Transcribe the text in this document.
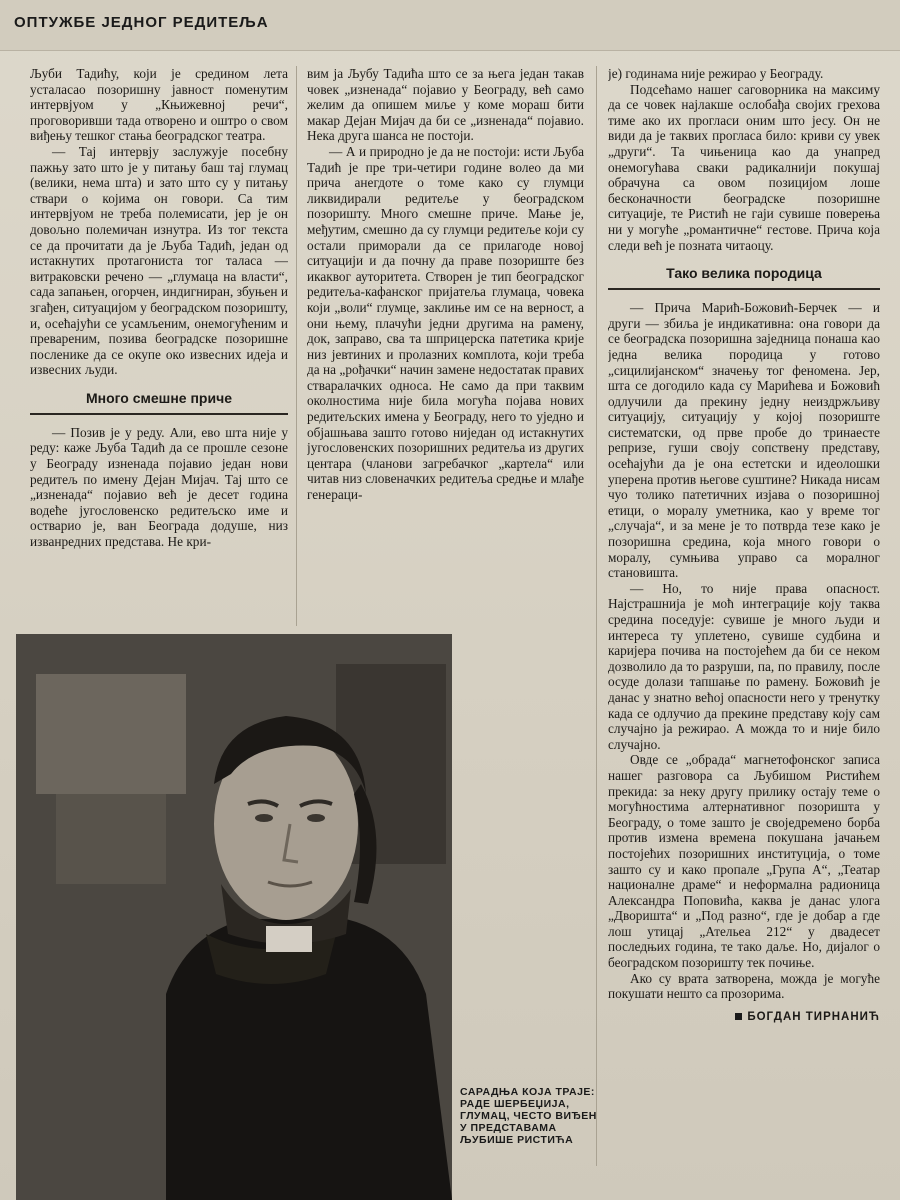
ОПТУЖБЕ ЈЕДНОГ РЕДИТЕЉА

Љуби Тадићу, који је средином лета усталасао позоришну јавност поменутим интервјуом у „Књижевној речи“, проговоривши тада отворено и оштро о свом виђењу тешког стања београдског театра.

— Тај интервју заслужује посебну пажњу зато што је у питању баш тај глумац (велики, нема шта) и зато што су у питању ствари о којима он говори. Са тим интервјуом не треба полемисати, јер је он довољно полемичан изнутра. Из тог текста се да прочитати да је Љуба Тадић, један од истакнутих протагониста тог таласа — витраковски речено — „глумаца на власти“, сада запањен, огорчен, индигниран, збуњен и згађен, ситуацијом у београдском позоришту, и, осећајући се усамљеним, онемогућеним и превареним, позива београдске позоришне посленике да се окупе око извесних идеја и извесних људи.

Много смешне приче

— Позив је у реду. Али, ево шта није у реду: каже Љуба Тадић да се прошле сезоне у Београду изненада појавио један нови редитељ по имену Дејан Мијач. Тај што се „изненада“ појавио већ је десет година водеће југословенско редитељско име и остварио је, ван Београда додуше, низ изванредних представа. Не кри-

вим ја Љубу Тадића што се за њега један такав човек „изненада“ појавио у Београду, већ само желим да опишем миље у коме мораш бити макар Дејан Мијач да би се „изненада“ појавио. Нека друга шанса не постоји.

— А и природно је да не постоји: исти Љуба Тадић је пре три-четири године волео да ми прича анегдоте о томе како су глумци ликвидирали редитеље у београдском позоришту. Много смешне приче. Мање је, међутим, смешно да су глумци редитеље који су остали приморали да се прилагоде новој ситуацији и да почну да праве позориште без икаквог ауторитета. Створен је тип београдског редитеља-кафанског пријатеља глумаца, човека који „воли“ глумце, заклиње им се на верност, а они њему, плачући једни другима на рамену, док, заправо, сва та шприцерска патетика крије низ јевтиних и пролазних комплота, који треба да на „рођачки“ начин замене недостатак правих стваралачких односа. Не само да при таквим околностима није била могућа појава нових редитељских имена у Београду, него то уједно и објашњава зашто готово ниједан од истакнутих југословенских позоришних редитеља из других центара (чланови загребачког „картела“ или читав низ словеначких редитеља средње и млађе генераци-

је) годинама није режирао у Београду.

Подсећамо нашег саговорника на максиму да се човек најлакше ослобађа својих грехова тиме ако их прогласи оним што јесу. Он не види да је таквих прогласа било: криви су увек „други“. Та чињеница као да унапред онемогућава сваки радикалнији покушај обрачуна са овом позицијом лоше бесконачности београдске позоришне ситуације, те Ристић не гаји сувише поверења ни у могуће „романтичне“ гестове. Прича која следи већ је позната читаоцу.

Тако велика породица

— Прича Марић-Божовић-Берчек — и други — збиља је индикативна: она говори да се београдска позоришна заједница понаша као једна велика породица у готово „сицилијанском“ значењу тог феномена. Јер, шта се догодило када су Марићева и Божовић одлучили да прекину једну неиздржљиву ситуацију, ситуацију у којој позориште систематски, од прве пробе до тринаесте репризе, гуши своју сопствену представу, осећајући да је она естетски и идеолошки уперена против његове суштине? Никада нисам чуо толико патетичних изјава о позоришној етици, о моралу уметника, као у време тог „случаја“, и за мене је то потврда тезе како је позоришна средина, која много говори о моралу, сумњива управо са моралног становишта.

— Но, то није права опасност. Најстрашнија је моћ интеграције коју таква средина поседује: сувише је много људи и интереса ту уплетено, сувише судбина и каријера почива на постојећем да би се неком дозволило да то разруши, па, по правилу, после осуде долази тапшање по рамену. Божовић је данас у знатно већој опасности него у тренутку када се одлучио да прекине представу коју сам случајно ја режирао. А можда то и није било случајно.

Овде се „обрада“ магнетофонског записа нашег разговора са Љубишом Ристићем прекида: за неку другу прилику остају теме о могућностима алтернативног позоришта у Београду, о томе зашто је своједремено борба против измена времена покушана јачањем постојећих позоришних институција, о томе зашто су и како пропале „Група А“, „Театар националне драме“ и неформална радионица Александра Поповића, каква је данас улога „Дворишта“ и „Под разно“, где је добар а где лош утицај „Ательеа 212“ у двадесет последњих година, те тако даље. Но, дијалог о београдском позоришту тек почиње.

Ако су врата затворена, можда је могуће покушати нешто са прозорима.

БОГДАН ТИРНАНИЋ
САРАДЊА КОЈА ТРАЈЕ: РАДЕ ШЕРБЕЏИЈА, ГЛУМАЦ, ЧЕСТО ВИЂЕН У ПРЕДСТАВАМА ЉУБИШЕ РИСТИЋА
